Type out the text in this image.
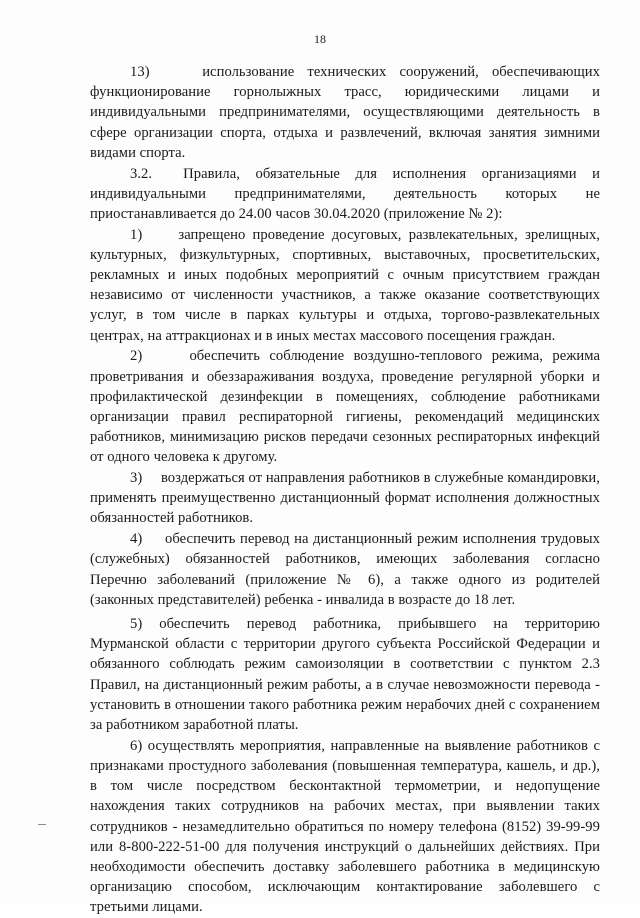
18

13)    использование технических сооружений, обеспечивающих функционирование горнолыжных трасс, юридическими лицами и индивидуальными предпринимателями, осуществляющими деятельность в сфере организации спорта, отдыха и развлечений, включая занятия зимними видами спорта.

3.2.  Правила, обязательные для исполнения организациями и индивидуальными предпринимателями, деятельность которых не приостанавливается до 24.00 часов 30.04.2020 (приложение № 2):

1)     запрещено проведение досуговых, развлекательных, зрелищных, культурных, физкультурных, спортивных, выставочных, просветительских, рекламных и иных подобных мероприятий с очным присутствием граждан независимо от численности участников, а также оказание соответствующих услуг, в том числе в парках культуры и отдыха, торгово-развлекательных центрах, на аттракционах и в иных местах массового посещения граждан.

2)     обеспечить соблюдение воздушно-теплового режима, режима проветривания и обеззараживания воздуха, проведение регулярной уборки и профилактической дезинфекции в помещениях, соблюдение работниками организации правил респираторной гигиены, рекомендаций медицинских работников, минимизацию рисков передачи сезонных респираторных инфекций от одного человека к другому.

3)     воздержаться от направления работников в служебные командировки, применять преимущественно дистанционный формат исполнения должностных обязанностей работников.

4)     обеспечить перевод на дистанционный режим исполнения трудовых (служебных) обязанностей работников, имеющих заболевания согласно Перечню заболеваний (приложение № 6), а также одного из родителей (законных представителей) ребенка - инвалида в возрасте до 18 лет.

5) обеспечить перевод работника, прибывшего на территорию Мурманской области с территории другого субъекта Российской Федерации и обязанного соблюдать режим самоизоляции в соответствии с пунктом 2.3 Правил, на дистанционный режим работы, а в случае невозможности перевода - установить в отношении такого работника режим нерабочих дней с сохранением за работником заработной платы.

6) осуществлять мероприятия, направленные на выявление работников с признаками простудного заболевания (повышенная температура, кашель, и др.), в том числе посредством бесконтактной термометрии, и недопущение нахождения таких сотрудников на рабочих местах, при выявлении таких сотрудников - незамедлительно обратиться по номеру телефона (8152) 39-99-99 или 8-800-222-51-00 для получения инструкций о дальнейших действиях. При необходимости обеспечить доставку заболевшего работника в медицинскую организацию способом, исключающим контактирование заболевшего с третьими лицами.
